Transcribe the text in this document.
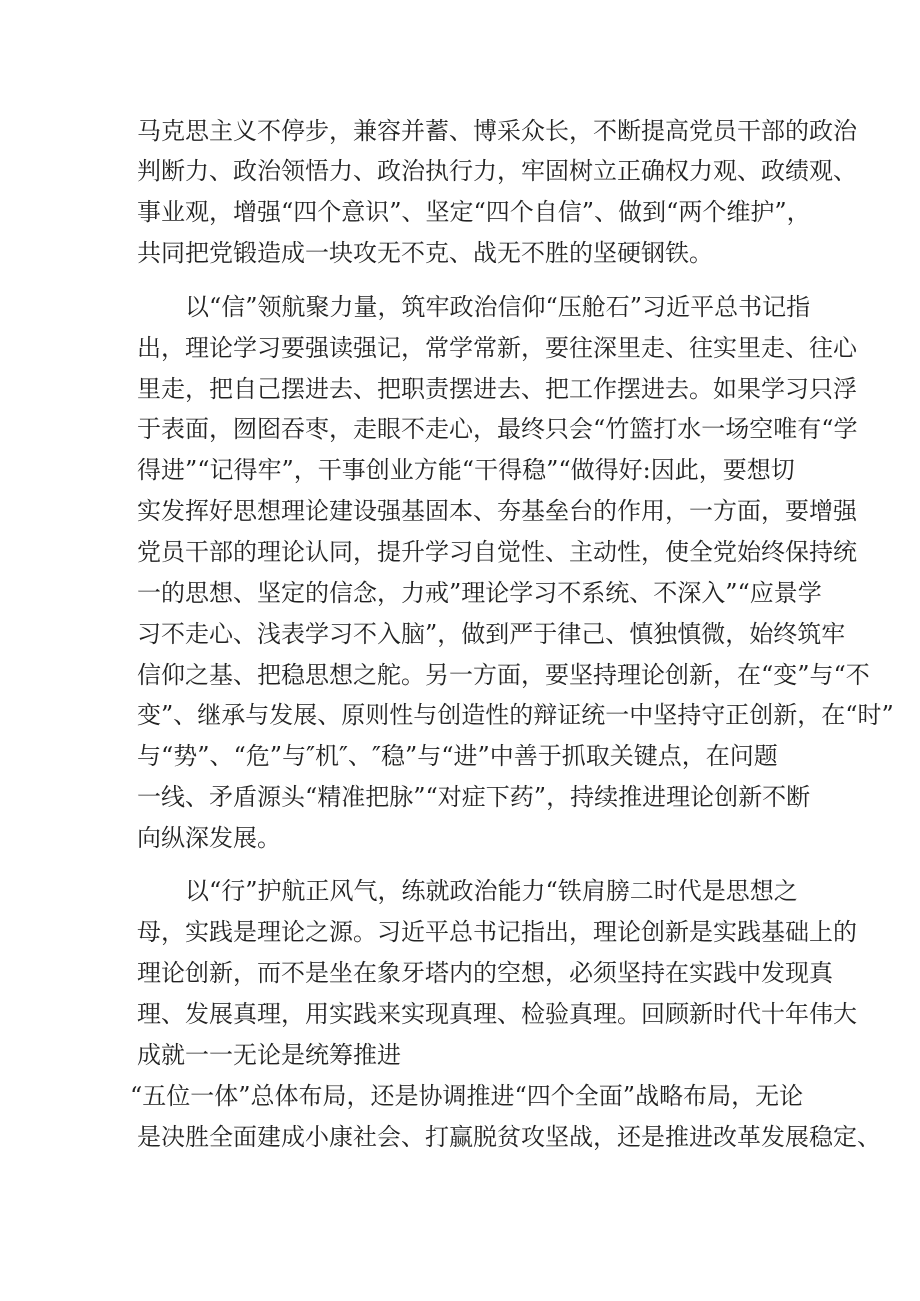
马克思主义不停步，兼容并蓄、博采众长，不断提高党员干部的政治
判断力、政治领悟力、政治执行力，牢固树立正确权力观、政绩观、
事业观，增强“四个意识”、坚定“四个自信”、做到“两个维护”，
共同把党锻造成一块攻无不克、战无不胜的坚硬钢铁。
以“信”领航聚力量，筑牢政治信仰“压舱石”习近平总书记指
出，理论学习要强读强记，常学常新，要往深里走、往实里走、往心
里走，把自己摆进去、把职责摆进去、把工作摆进去。如果学习只浮
于表面，囫囵吞枣，走眼不走心，最终只会“竹篮打水一场空唯有“学
得进”“记得牢”，干事创业方能“干得稳”“做得好:因此，要想切
实发挥好思想理论建设强基固本、夯基垒台的作用，一方面，要增强
党员干部的理论认同，提升学习自觉性、主动性，使全党始终保持统
一的思想、坚定的信念，力戒”理论学习不系统、不深入”“应景学
习不走心、浅表学习不入脑”，做到严于律己、慎独慎微，始终筑牢
信仰之基、把稳思想之舵。另一方面，要坚持理论创新，在“变”与“不
变”、继承与发展、原则性与创造性的辩证统一中坚持守正创新，在“时”
与“势”、“危”与″机″、″稳”与“进”中善于抓取关键点，在问题
一线、矛盾源头“精准把脉”“对症下药”，持续推进理论创新不断
向纵深发展。
以“行”护航正风气，练就政治能力“铁肩膀二时代是思想之
母，实践是理论之源。习近平总书记指出，理论创新是实践基础上的
理论创新，而不是坐在象牙塔内的空想，必须坚持在实践中发现真
理、发展真理，用实践来实现真理、检验真理。回顾新时代十年伟大
成就一一无论是统筹推进
“五位一体”总体布局，还是协调推进“四个全面”战略布局，无论
是决胜全面建成小康社会、打赢脱贫攻坚战，还是推进改革发展稳定、
